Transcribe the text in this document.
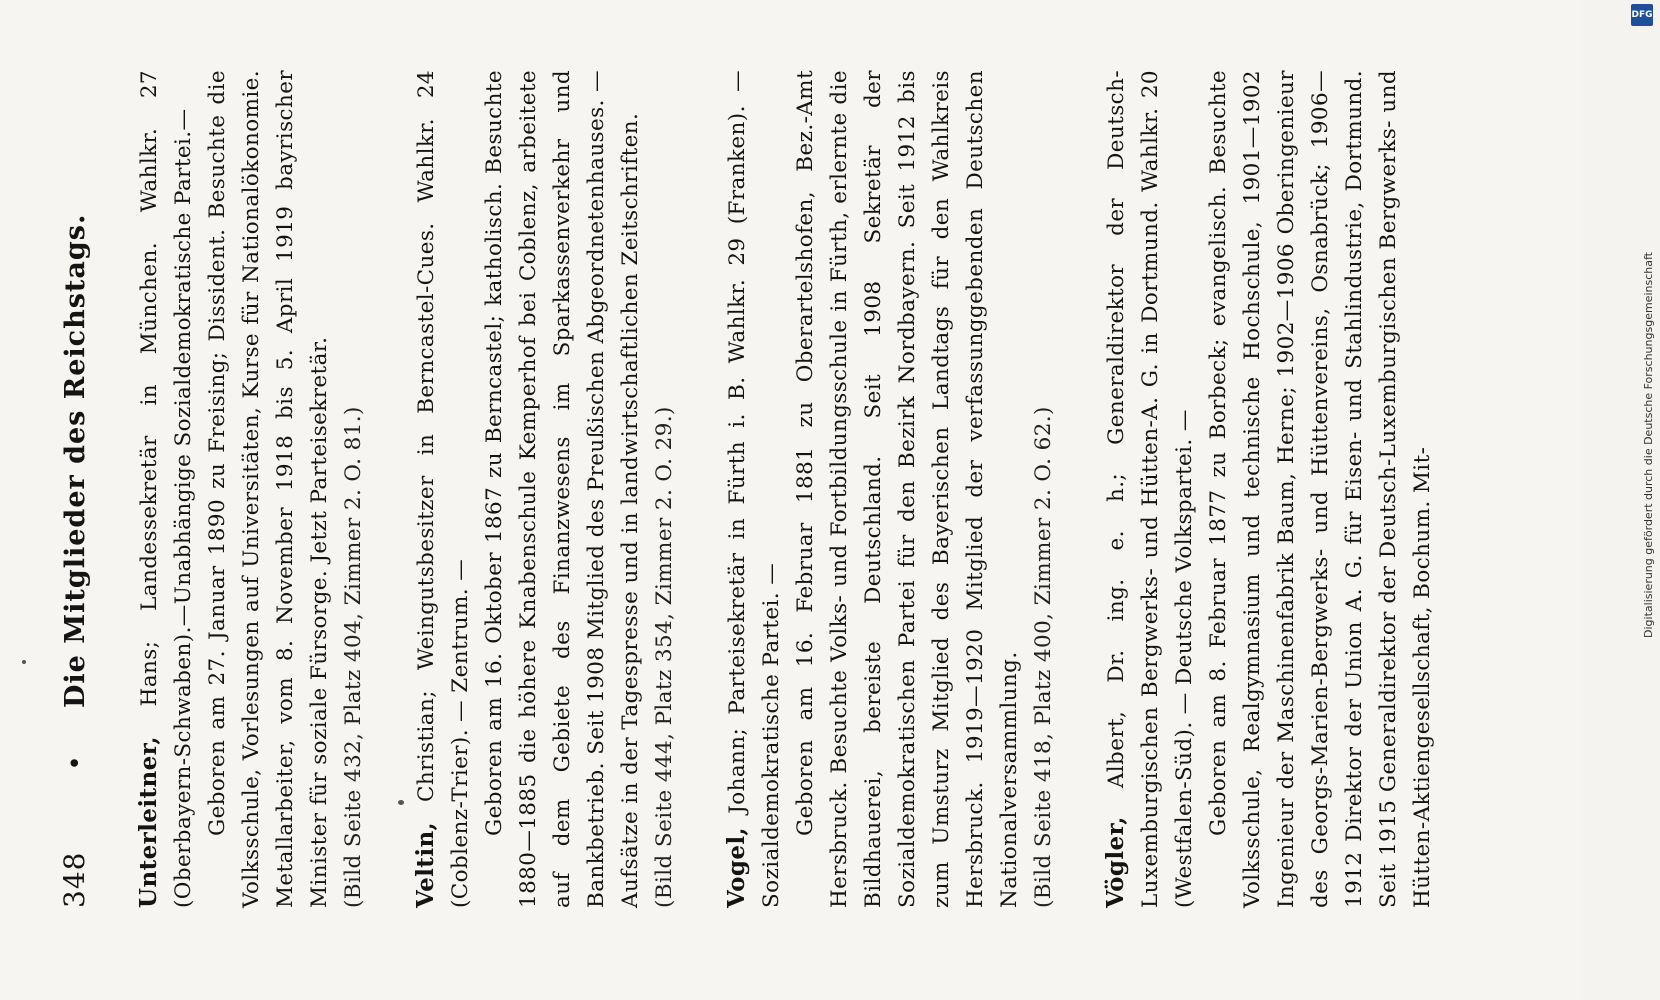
348
•
Die Mitglieder des Reichstags.

Unterleitner, Hans; Landessekretär in München. Wahlkr. 27 (Oberbayern-Schwaben).—Unabhängige Sozialdemokratische Partei.— Geboren am 27. Januar 1890 zu Freising; Dissident. Besuchte die Volksschule, Vorlesungen auf Universitäten, Kurse für Nationalökonomie. Metallarbeiter, vom 8. November 1918 bis 5. April 1919 bayrischer Minister für soziale Fürsorge. Jetzt Parteisekretär. (Bild Seite 432, Platz 404, Zimmer 2. O. 81.) Veltin, Christian; Weingutsbesitzer in Berncastel-Cues. Wahlkr. 24 (Coblenz-Trier). — Zentrum. — Geboren am 16. Oktober 1867 zu Berncastel; katholisch. Besuchte 1880—1885 die höhere Knabenschule Kemperhof bei Coblenz, arbeitete auf dem Gebiete des Finanzwesens im Sparkassenverkehr und Bankbetrieb. Seit 1908 Mitglied des Preußischen Abgeordnetenhauses. — Aufsätze in der Tagespresse und in landwirtschaftlichen Zeitschriften. (Bild Seite 444, Platz 354, Zimmer 2. O. 29.) Vogel, Johann; Parteisekretär in Fürth i. B. Wahlkr. 29 (Franken). — Sozialdemokratische Partei. — Geboren am 16. Februar 1881 zu Oberartelshofen, Bez.-Amt Hersbruck. Besuchte Volks- und Fortbildungsschule in Fürth, erlernte die Bildhauerei, bereiste Deutschland. Seit 1908 Sekretär der Sozialdemokratischen Partei für den Bezirk Nordbayern. Seit 1912 bis zum Umsturz Mitglied des Bayerischen Landtags für den Wahlkreis Hersbruck. 1919—1920 Mitglied der verfassunggebenden Deutschen Nationalversammlung. (Bild Seite 418, Platz 400, Zimmer 2. O. 62.) Vögler, Albert, Dr. ing. e. h.; Generaldirektor der Deutsch-Luxemburgischen Bergwerks- und Hütten-A. G. in Dortmund. Wahlkr. 20 (Westfalen-Süd). — Deutsche Volkspartei. — Geboren am 8. Februar 1877 zu Borbeck; evangelisch. Besuchte Volksschule, Realgymnasium und technische Hochschule, 1901—1902 Ingenieur der Maschinenfabrik Baum, Herne; 1902—1906 Oberingenieur des Georgs-Marien-Bergwerks- und Hüttenvereins, Osnabrück; 1906—1912 Direktor der Union A. G. für Eisen- und Stahlindustrie, Dortmund. Seit 1915 Generaldirektor der Deutsch-Luxemburgischen Bergwerks- und Hütten-Aktiengesellschaft, Bochum. Mit-

DFG
Digitalisierung gefördert durch die Deutsche Forschungsgemeinschaft
